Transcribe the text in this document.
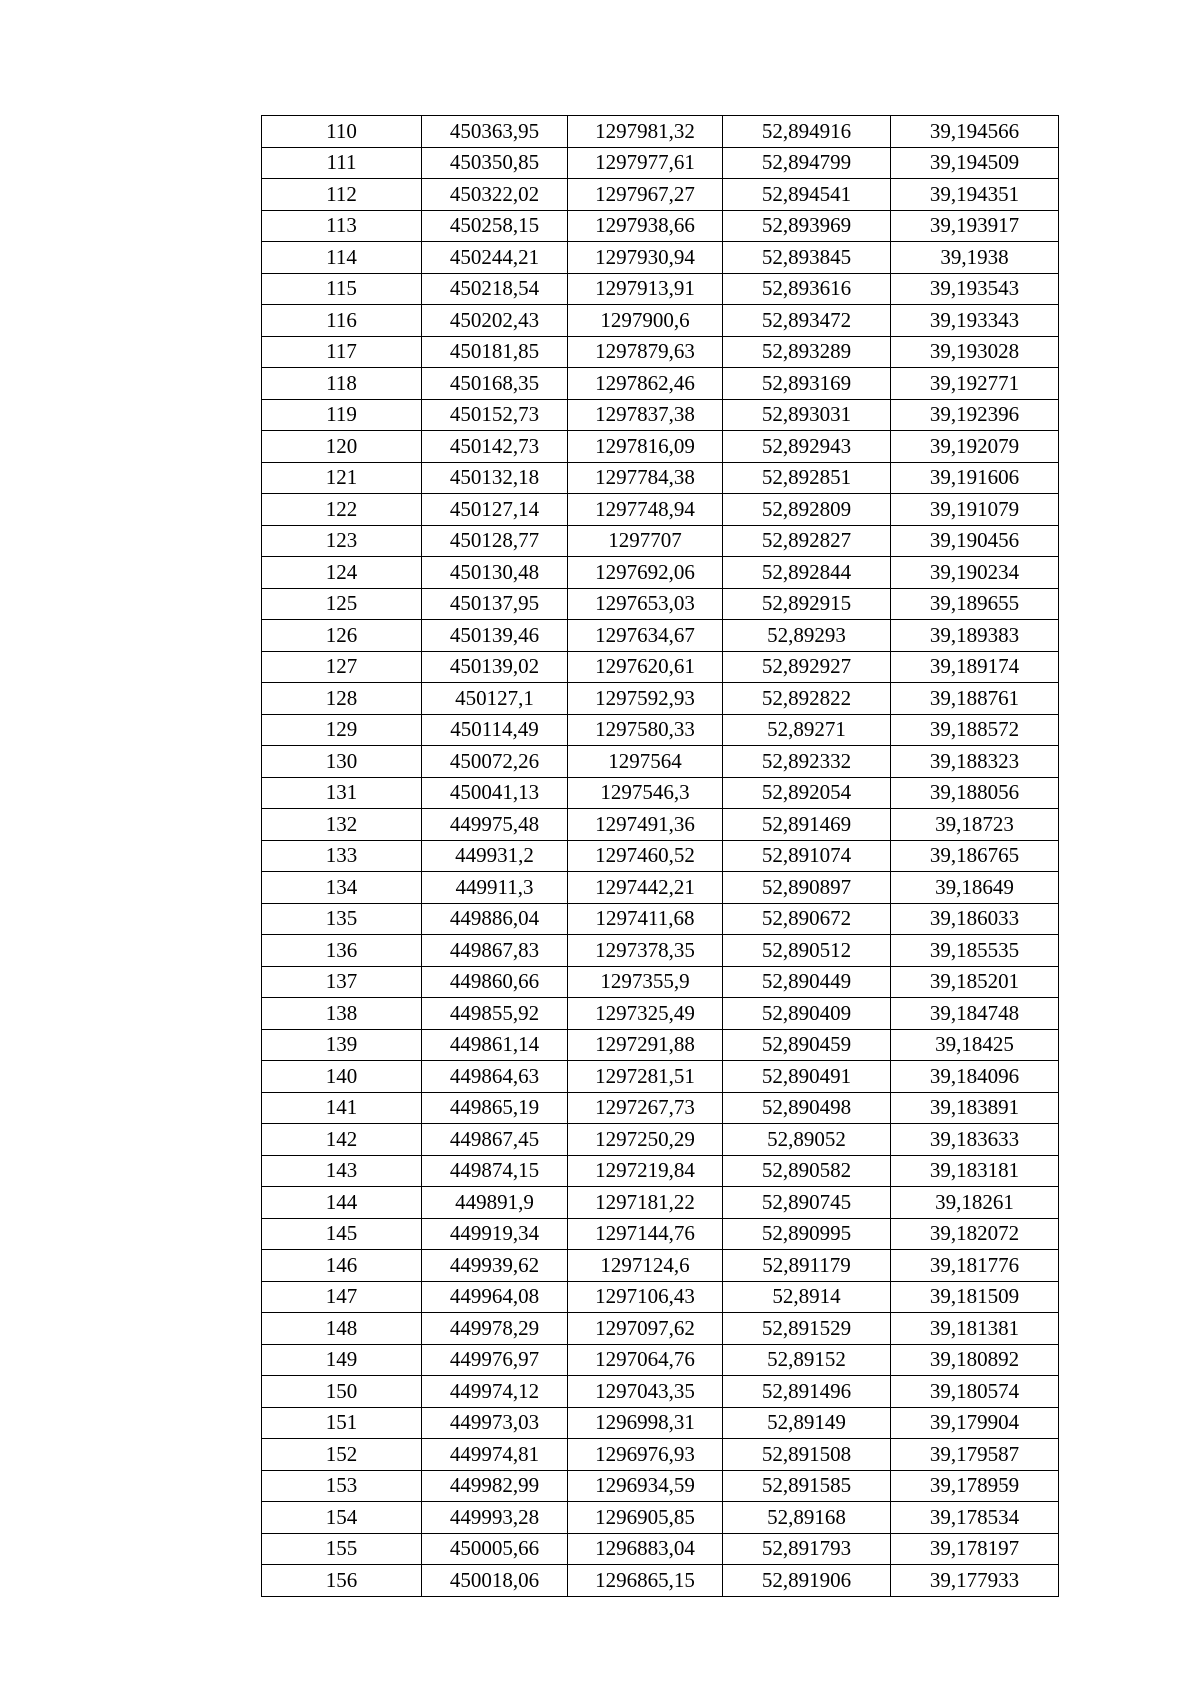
110	450363,95	1297981,32	52,894916	39,194566
111	450350,85	1297977,61	52,894799	39,194509
112	450322,02	1297967,27	52,894541	39,194351
113	450258,15	1297938,66	52,893969	39,193917
114	450244,21	1297930,94	52,893845	39,1938
115	450218,54	1297913,91	52,893616	39,193543
116	450202,43	1297900,6	52,893472	39,193343
117	450181,85	1297879,63	52,893289	39,193028
118	450168,35	1297862,46	52,893169	39,192771
119	450152,73	1297837,38	52,893031	39,192396
120	450142,73	1297816,09	52,892943	39,192079
121	450132,18	1297784,38	52,892851	39,191606
122	450127,14	1297748,94	52,892809	39,191079
123	450128,77	1297707	52,892827	39,190456
124	450130,48	1297692,06	52,892844	39,190234
125	450137,95	1297653,03	52,892915	39,189655
126	450139,46	1297634,67	52,89293	39,189383
127	450139,02	1297620,61	52,892927	39,189174
128	450127,1	1297592,93	52,892822	39,188761
129	450114,49	1297580,33	52,89271	39,188572
130	450072,26	1297564	52,892332	39,188323
131	450041,13	1297546,3	52,892054	39,188056
132	449975,48	1297491,36	52,891469	39,18723
133	449931,2	1297460,52	52,891074	39,186765
134	449911,3	1297442,21	52,890897	39,18649
135	449886,04	1297411,68	52,890672	39,186033
136	449867,83	1297378,35	52,890512	39,185535
137	449860,66	1297355,9	52,890449	39,185201
138	449855,92	1297325,49	52,890409	39,184748
139	449861,14	1297291,88	52,890459	39,18425
140	449864,63	1297281,51	52,890491	39,184096
141	449865,19	1297267,73	52,890498	39,183891
142	449867,45	1297250,29	52,89052	39,183633
143	449874,15	1297219,84	52,890582	39,183181
144	449891,9	1297181,22	52,890745	39,18261
145	449919,34	1297144,76	52,890995	39,182072
146	449939,62	1297124,6	52,891179	39,181776
147	449964,08	1297106,43	52,8914	39,181509
148	449978,29	1297097,62	52,891529	39,181381
149	449976,97	1297064,76	52,89152	39,180892
150	449974,12	1297043,35	52,891496	39,180574
151	449973,03	1296998,31	52,89149	39,179904
152	449974,81	1296976,93	52,891508	39,179587
153	449982,99	1296934,59	52,891585	39,178959
154	449993,28	1296905,85	52,89168	39,178534
155	450005,66	1296883,04	52,891793	39,178197
156	450018,06	1296865,15	52,891906	39,177933
